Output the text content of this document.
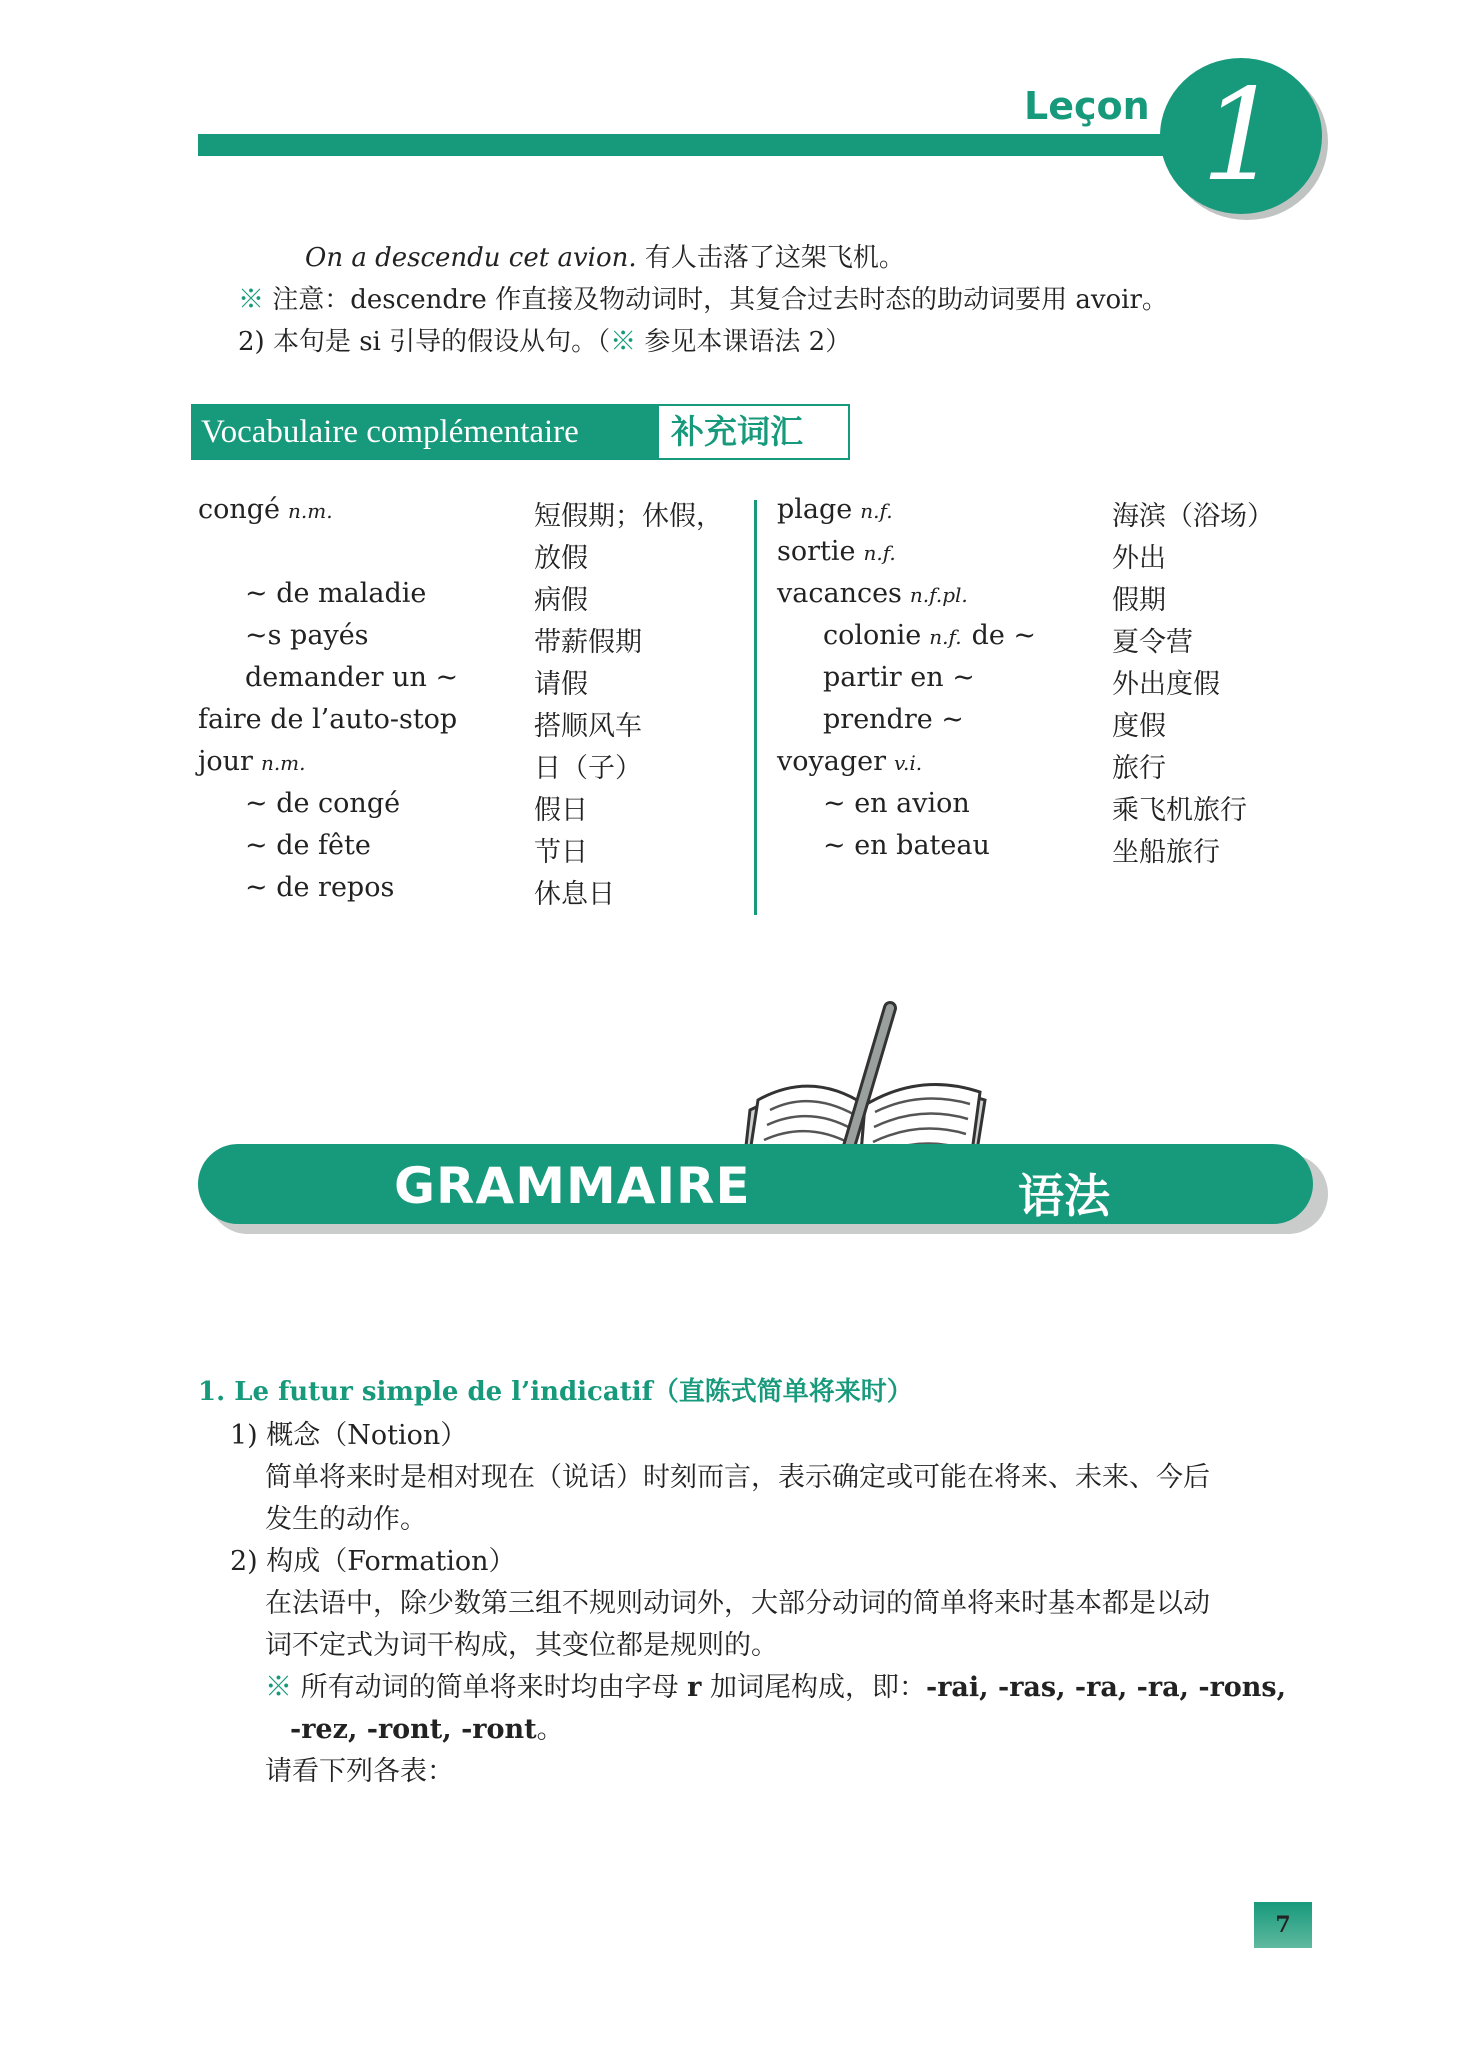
Leçon 1
On a descendu cet avion. 有人击落了这架飞机。
※ 注意：descendre 作直接及物动词时，其复合过去时态的助动词要用 avoir。
2) 本句是 si 引导的假设从句。（※ 参见本课语法 2）
Vocabulaire complémentaire	补充词汇
congé n.m.	短假期；休假，
放假
~ de maladie	病假
~s payés	带薪假期
demander un ~	请假
faire de l’auto-stop	搭顺风车
jour n.m.	日（子）
~ de congé	假日
~ de fête	节日
~ de repos	休息日
plage n.f.	海滨（浴场）
sortie n.f.	外出
vacances n.f.pl.	假期
colonie n.f. de ~	夏令营
partir en ~	外出度假
prendre ~	度假
voyager v.i.	旅行
~ en avion	乘飞机旅行
~ en bateau	坐船旅行
GRAMMAIRE	语法
1. Le futur simple de l’indicatif（直陈式简单将来时）
1) 概念（Notion）
简单将来时是相对现在（说话）时刻而言，表示确定或可能在将来、未来、今后
发生的动作。
2) 构成（Formation）
在法语中，除少数第三组不规则动词外，大部分动词的简单将来时基本都是以动
词不定式为词干构成，其变位都是规则的。
※ 所有动词的简单将来时均由字母 r 加词尾构成，即：-rai, -ras, -ra, -ra, -rons,
-rez, -ront, -ront。
请看下列各表：
7
